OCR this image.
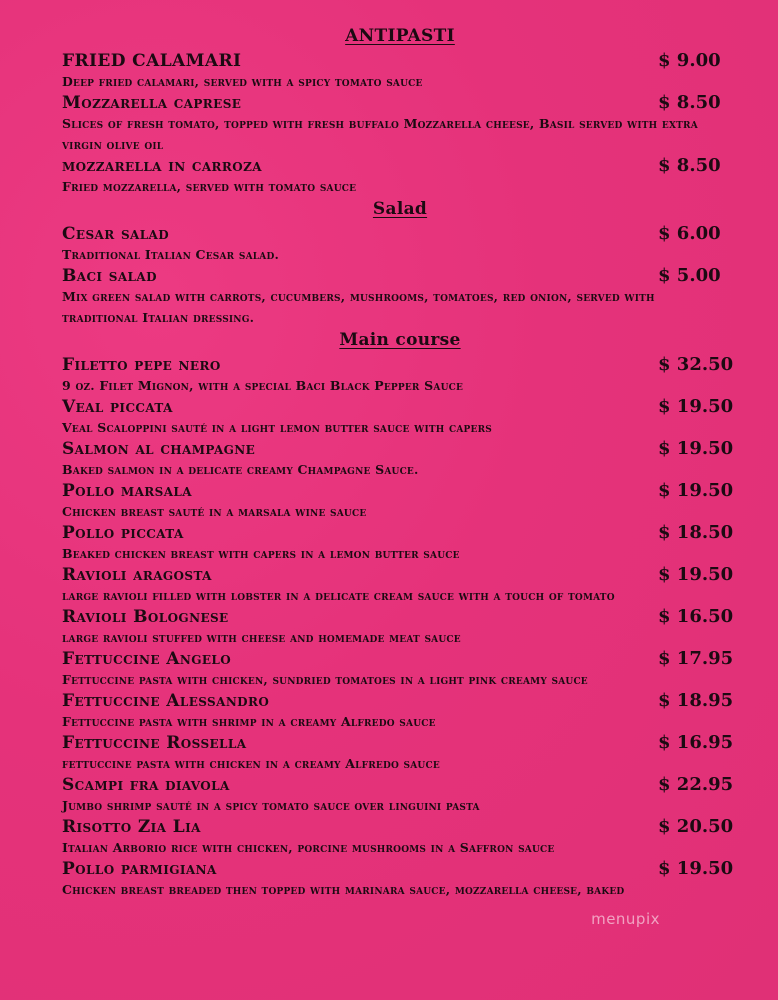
ANTIPASTI
FRIED CALAMARI	$ 9.00
Deep fried calamari, served with a spicy tomato sauce
Mozzarella caprese	$ 8.50
Slices of fresh tomato, topped with fresh buffalo Mozzarella cheese, Basil served with extra virgin olive oil
mozzarella in carroza	$ 8.50
Fried mozzarella, served with tomato sauce
Salad
Cesar salad	$ 6.00
Traditional Italian Cesar salad.
Baci salad	$ 5.00
Mix green salad with carrots, cucumbers, mushrooms, tomatoes, red onion, served with traditional Italian dressing.
Main course
Filetto pepe nero	$ 32.50
9 oz. Filet Mignon, with a special Baci Black Pepper Sauce
Veal piccata	$ 19.50
Veal Scaloppini sauté in a light lemon butter sauce with capers
Salmon al champagne	$ 19.50
Baked salmon in a delicate creamy Champagne Sauce.
Pollo marsala	$ 19.50
Chicken breast sauté in a marsala wine sauce
Pollo piccata	$ 18.50
Beaked chicken breast with capers in a lemon butter sauce
Ravioli aragosta	$ 19.50
large ravioli filled with lobster in a delicate cream sauce with a touch of tomato
Ravioli Bolognese	$ 16.50
large ravioli stuffed with cheese and homemade meat sauce
Fettuccine Angelo	$ 17.95
Fettuccine pasta with chicken, sundried tomatoes in a light pink creamy sauce
Fettuccine Alessandro	$ 18.95
Fettuccine pasta with shrimp in a creamy Alfredo sauce
Fettuccine Rossella	$ 16.95
fettuccine pasta with chicken in a creamy Alfredo sauce
Scampi fra diavola	$ 22.95
Jumbo shrimp sauté in a spicy tomato sauce over linguini pasta
Risotto Zia Lia	$ 20.50
Italian Arborio rice with chicken, porcine mushrooms in a Saffron sauce
Pollo parmigiana	$ 19.50
Chicken breast breaded then topped with marinara sauce, mozzarella cheese, baked
menupix
